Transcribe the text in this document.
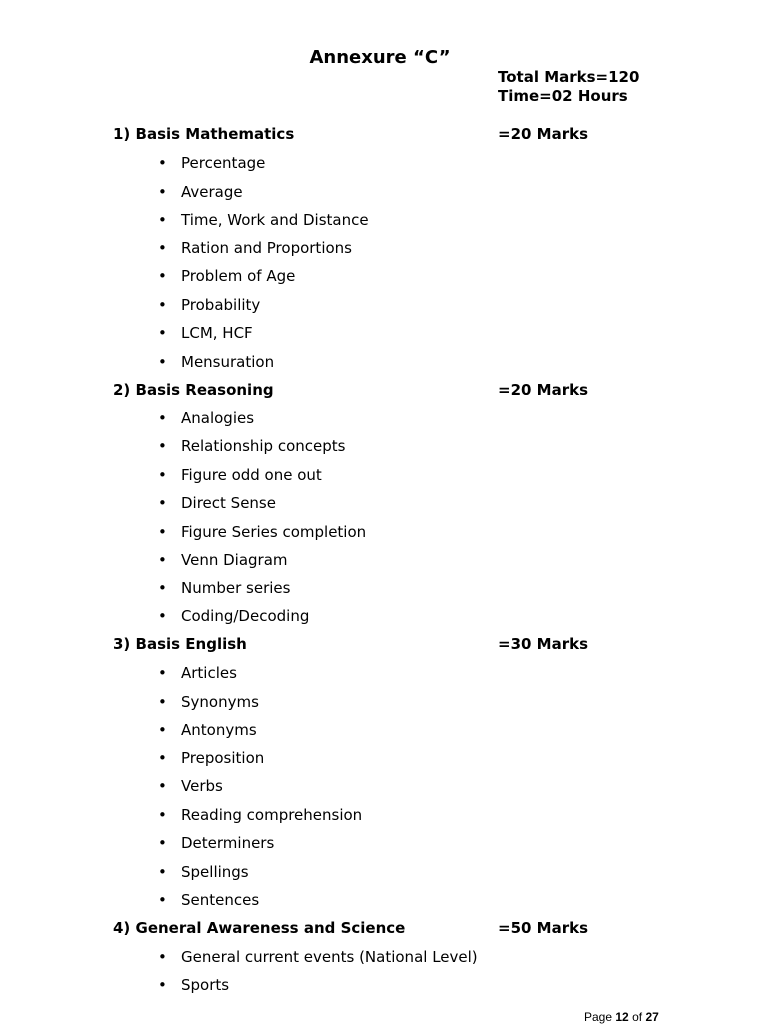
Annexure “C”
Total Marks=120
Time=02 Hours
1) Basis Mathematics	=20 Marks
• Percentage
• Average
• Time, Work and Distance
• Ration and Proportions
• Problem of Age
• Probability
• LCM, HCF
• Mensuration
2) Basis Reasoning	=20 Marks
• Analogies
• Relationship concepts
• Figure odd one out
• Direct Sense
• Figure Series completion
• Venn Diagram
• Number series
• Coding/Decoding
3) Basis English	=30 Marks
• Articles
• Synonyms
• Antonyms
• Preposition
• Verbs
• Reading comprehension
• Determiners
• Spellings
• Sentences
4) General Awareness and Science	=50 Marks
• General current events (National Level)
• Sports
Page 12 of 27
